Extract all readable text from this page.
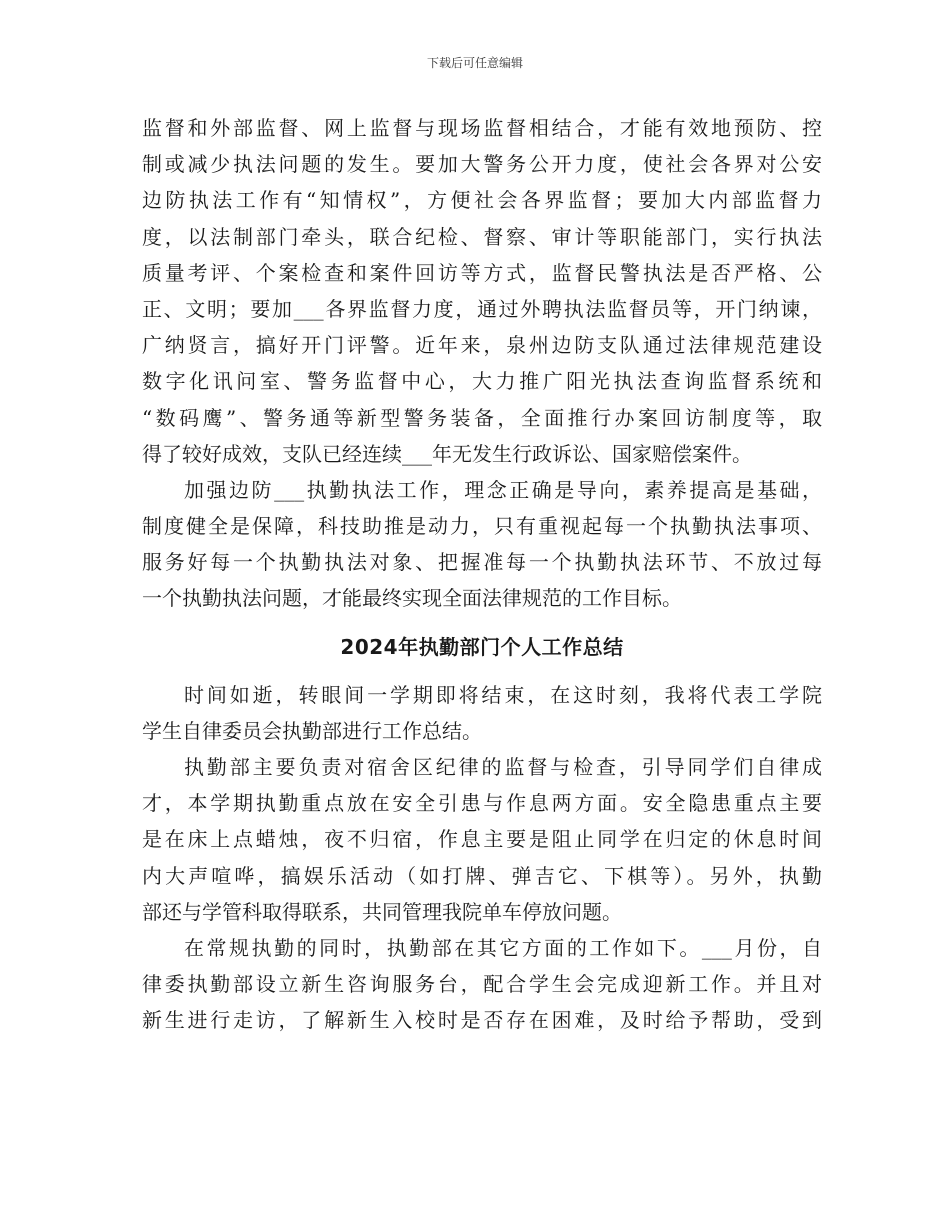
下载后可任意编辑
监督和外部监督、网上监督与现场监督相结合，才能有效地预防、控
制或减少执法问题的发生。要加大警务公开力度，使社会各界对公安
边防执法工作有“知情权”，方便社会各界监督；要加大内部监督力
度，以法制部门牵头，联合纪检、督察、审计等职能部门，实行执法
质量考评、个案检查和案件回访等方式，监督民警执法是否严格、公
正、文明；要加___各界监督力度，通过外聘执法监督员等，开门纳谏，
广纳贤言，搞好开门评警。近年来，泉州边防支队通过法律规范建设
数字化讯问室、警务监督中心，大力推广阳光执法查询监督系统和
“数码鹰”、警务通等新型警务装备，全面推行办案回访制度等，取
得了较好成效，支队已经连续___年无发生行政诉讼、国家赔偿案件。
加强边防___执勤执法工作，理念正确是导向，素养提高是基础，
制度健全是保障，科技助推是动力，只有重视起每一个执勤执法事项、
服务好每一个执勤执法对象、把握准每一个执勤执法环节、不放过每
一个执勤执法问题，才能最终实现全面法律规范的工作目标。
2024年执勤部门个人工作总结
时间如逝，转眼间一学期即将结束，在这时刻，我将代表工学院
学生自律委员会执勤部进行工作总结。
执勤部主要负责对宿舍区纪律的监督与检查，引导同学们自律成
才，本学期执勤重点放在安全引患与作息两方面。安全隐患重点主要
是在床上点蜡烛，夜不归宿，作息主要是阻止同学在归定的休息时间
内大声喧哗，搞娱乐活动（如打牌、弹吉它、下棋等）。另外，执勤
部还与学管科取得联系，共同管理我院单车停放问题。
在常规执勤的同时，执勤部在其它方面的工作如下。___月份，自
律委执勤部设立新生咨询服务台，配合学生会完成迎新工作。并且对
新生进行走访，了解新生入校时是否存在困难，及时给予帮助，受到
